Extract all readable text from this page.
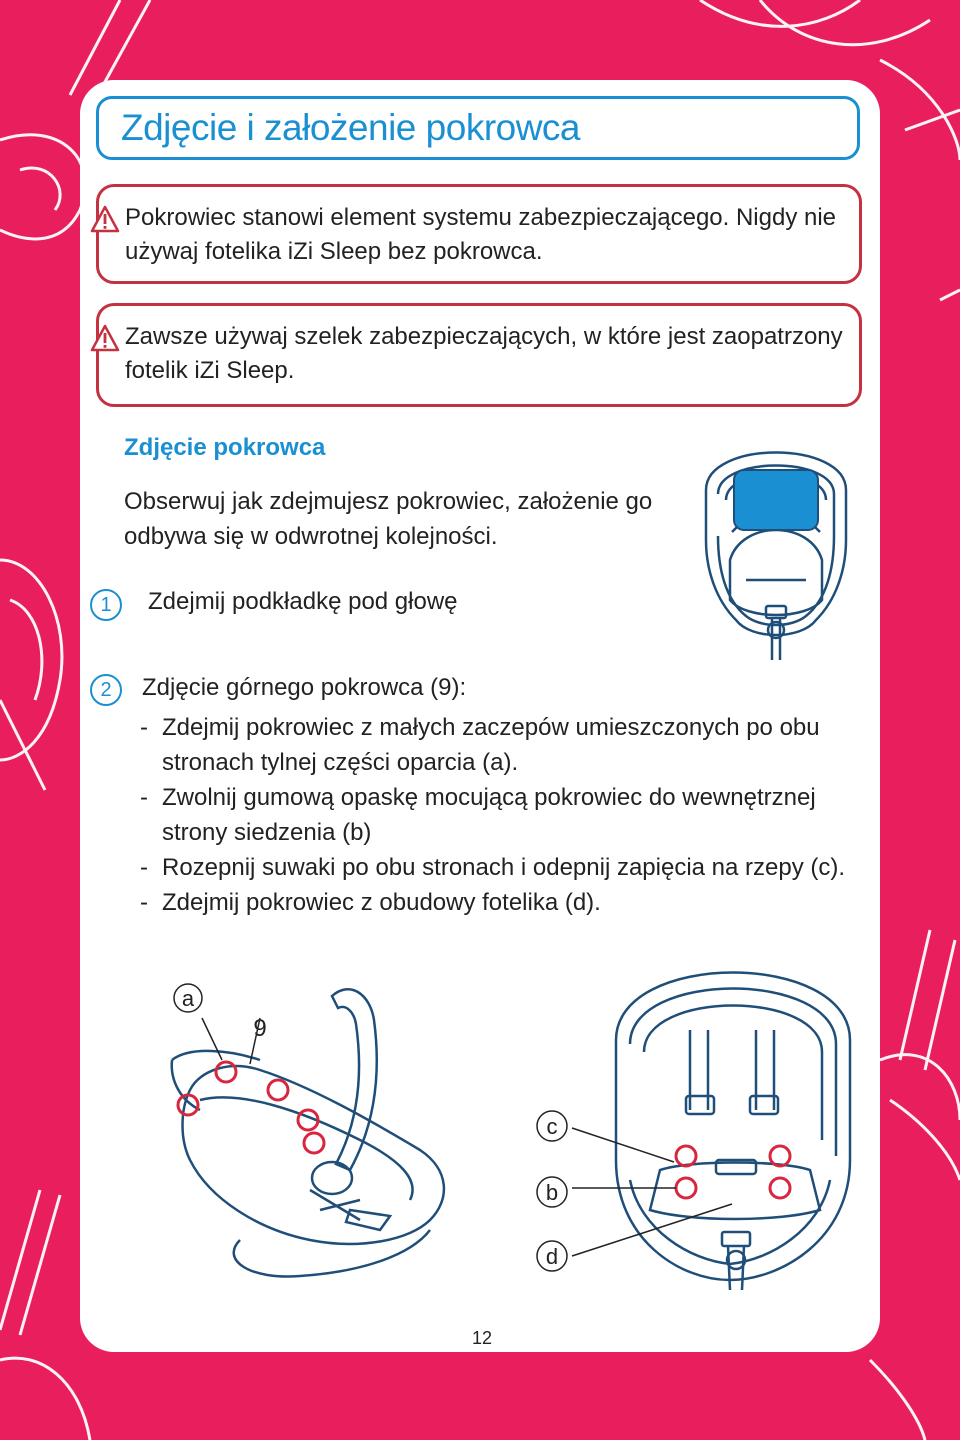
Zdjęcie i założenie pokrowca
Pokrowiec stanowi element systemu zabezpieczającego. Nigdy nie używaj fotelika iZi Sleep bez pokrowca.
Zawsze używaj szelek zabezpieczających, w które jest zaopatrzony fotelik iZi Sleep.
Zdjęcie pokrowca
Obserwuj jak zdejmujesz pokrowiec, założenie go odbywa się w odwrotnej kolejności.
1	Zdejmij podkładkę pod głowę
2	Zdjęcie górnego pokrowca (9):
- Zdejmij pokrowiec z małych zaczepów umieszczonych po obu stronach tylnej części oparcia (a).
- Zwolnij gumową opaskę mocującą pokrowiec do wewnętrznej strony siedzenia (b)
- Rozepnij suwaki po obu stronach i odepnij zapięcia na rzepy (c).
- Zdejmij pokrowiec z obudowy fotelika (d).
a
9
c
b
d
12
